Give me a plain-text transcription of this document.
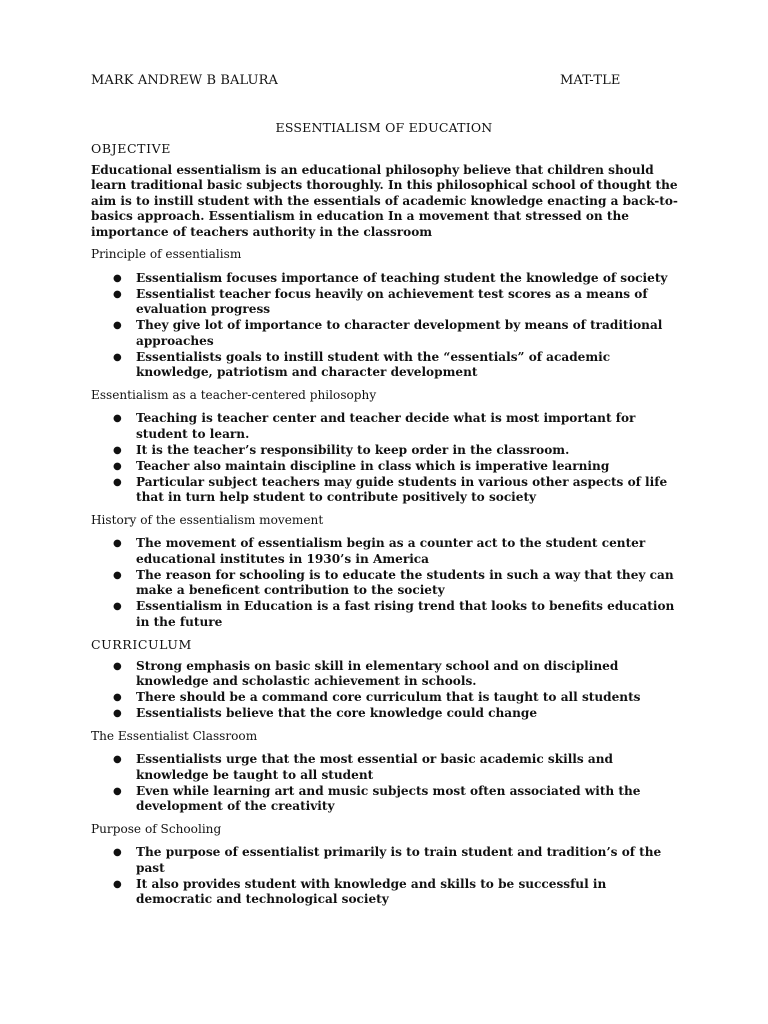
MARK ANDREW B BALURA	MAT-TLE
ESSENTIALISM OF EDUCATION
OBJECTIVE
Educational essentialism is an educational philosophy believe that children should learn traditional basic subjects thoroughly. In this philosophical school of thought the aim is to instill student with the essentials of academic knowledge enacting a back-to-basics approach. Essentialism in education In a movement that stressed on the importance of teachers authority in the classroom
Principle of essentialism
● Essentialism focuses importance of teaching student the knowledge of society
● Essentialist teacher focus heavily on achievement test scores as a means of evaluation progress
● They give lot of importance to character development by means of traditional approaches
● Essentialists goals to instill student with the “essentials” of academic knowledge, patriotism and character development
Essentialism as a teacher-centered philosophy
● Teaching is teacher center and teacher decide what is most important for student to learn.
● It is the teacher’s responsibility to keep order in the classroom.
● Teacher also maintain discipline in class which is imperative learning
● Particular subject teachers may guide students in various other aspects of life that in turn help student to contribute positively to society
History of the essentialism movement
● The movement of essentialism begin as a counter act to the student center educational institutes in 1930’s in America
● The reason for schooling is to educate the students in such a way that they can make a beneficent contribution to the society
● Essentialism in Education is a fast rising trend that looks to benefits education in the future
CURRICULUM
● Strong emphasis on basic skill in elementary school and on disciplined knowledge and scholastic achievement in schools.
● There should be a command core curriculum that is taught to all students
● Essentialists believe that the core knowledge could change
The Essentialist Classroom
● Essentialists urge that the most essential or basic academic skills and knowledge be taught to all student
● Even while learning art and music subjects most often associated with the development of the creativity
Purpose of Schooling
● The purpose of essentialist primarily is to train student and tradition’s of the past
● It also provides student with knowledge and skills to be successful in democratic and technological society
